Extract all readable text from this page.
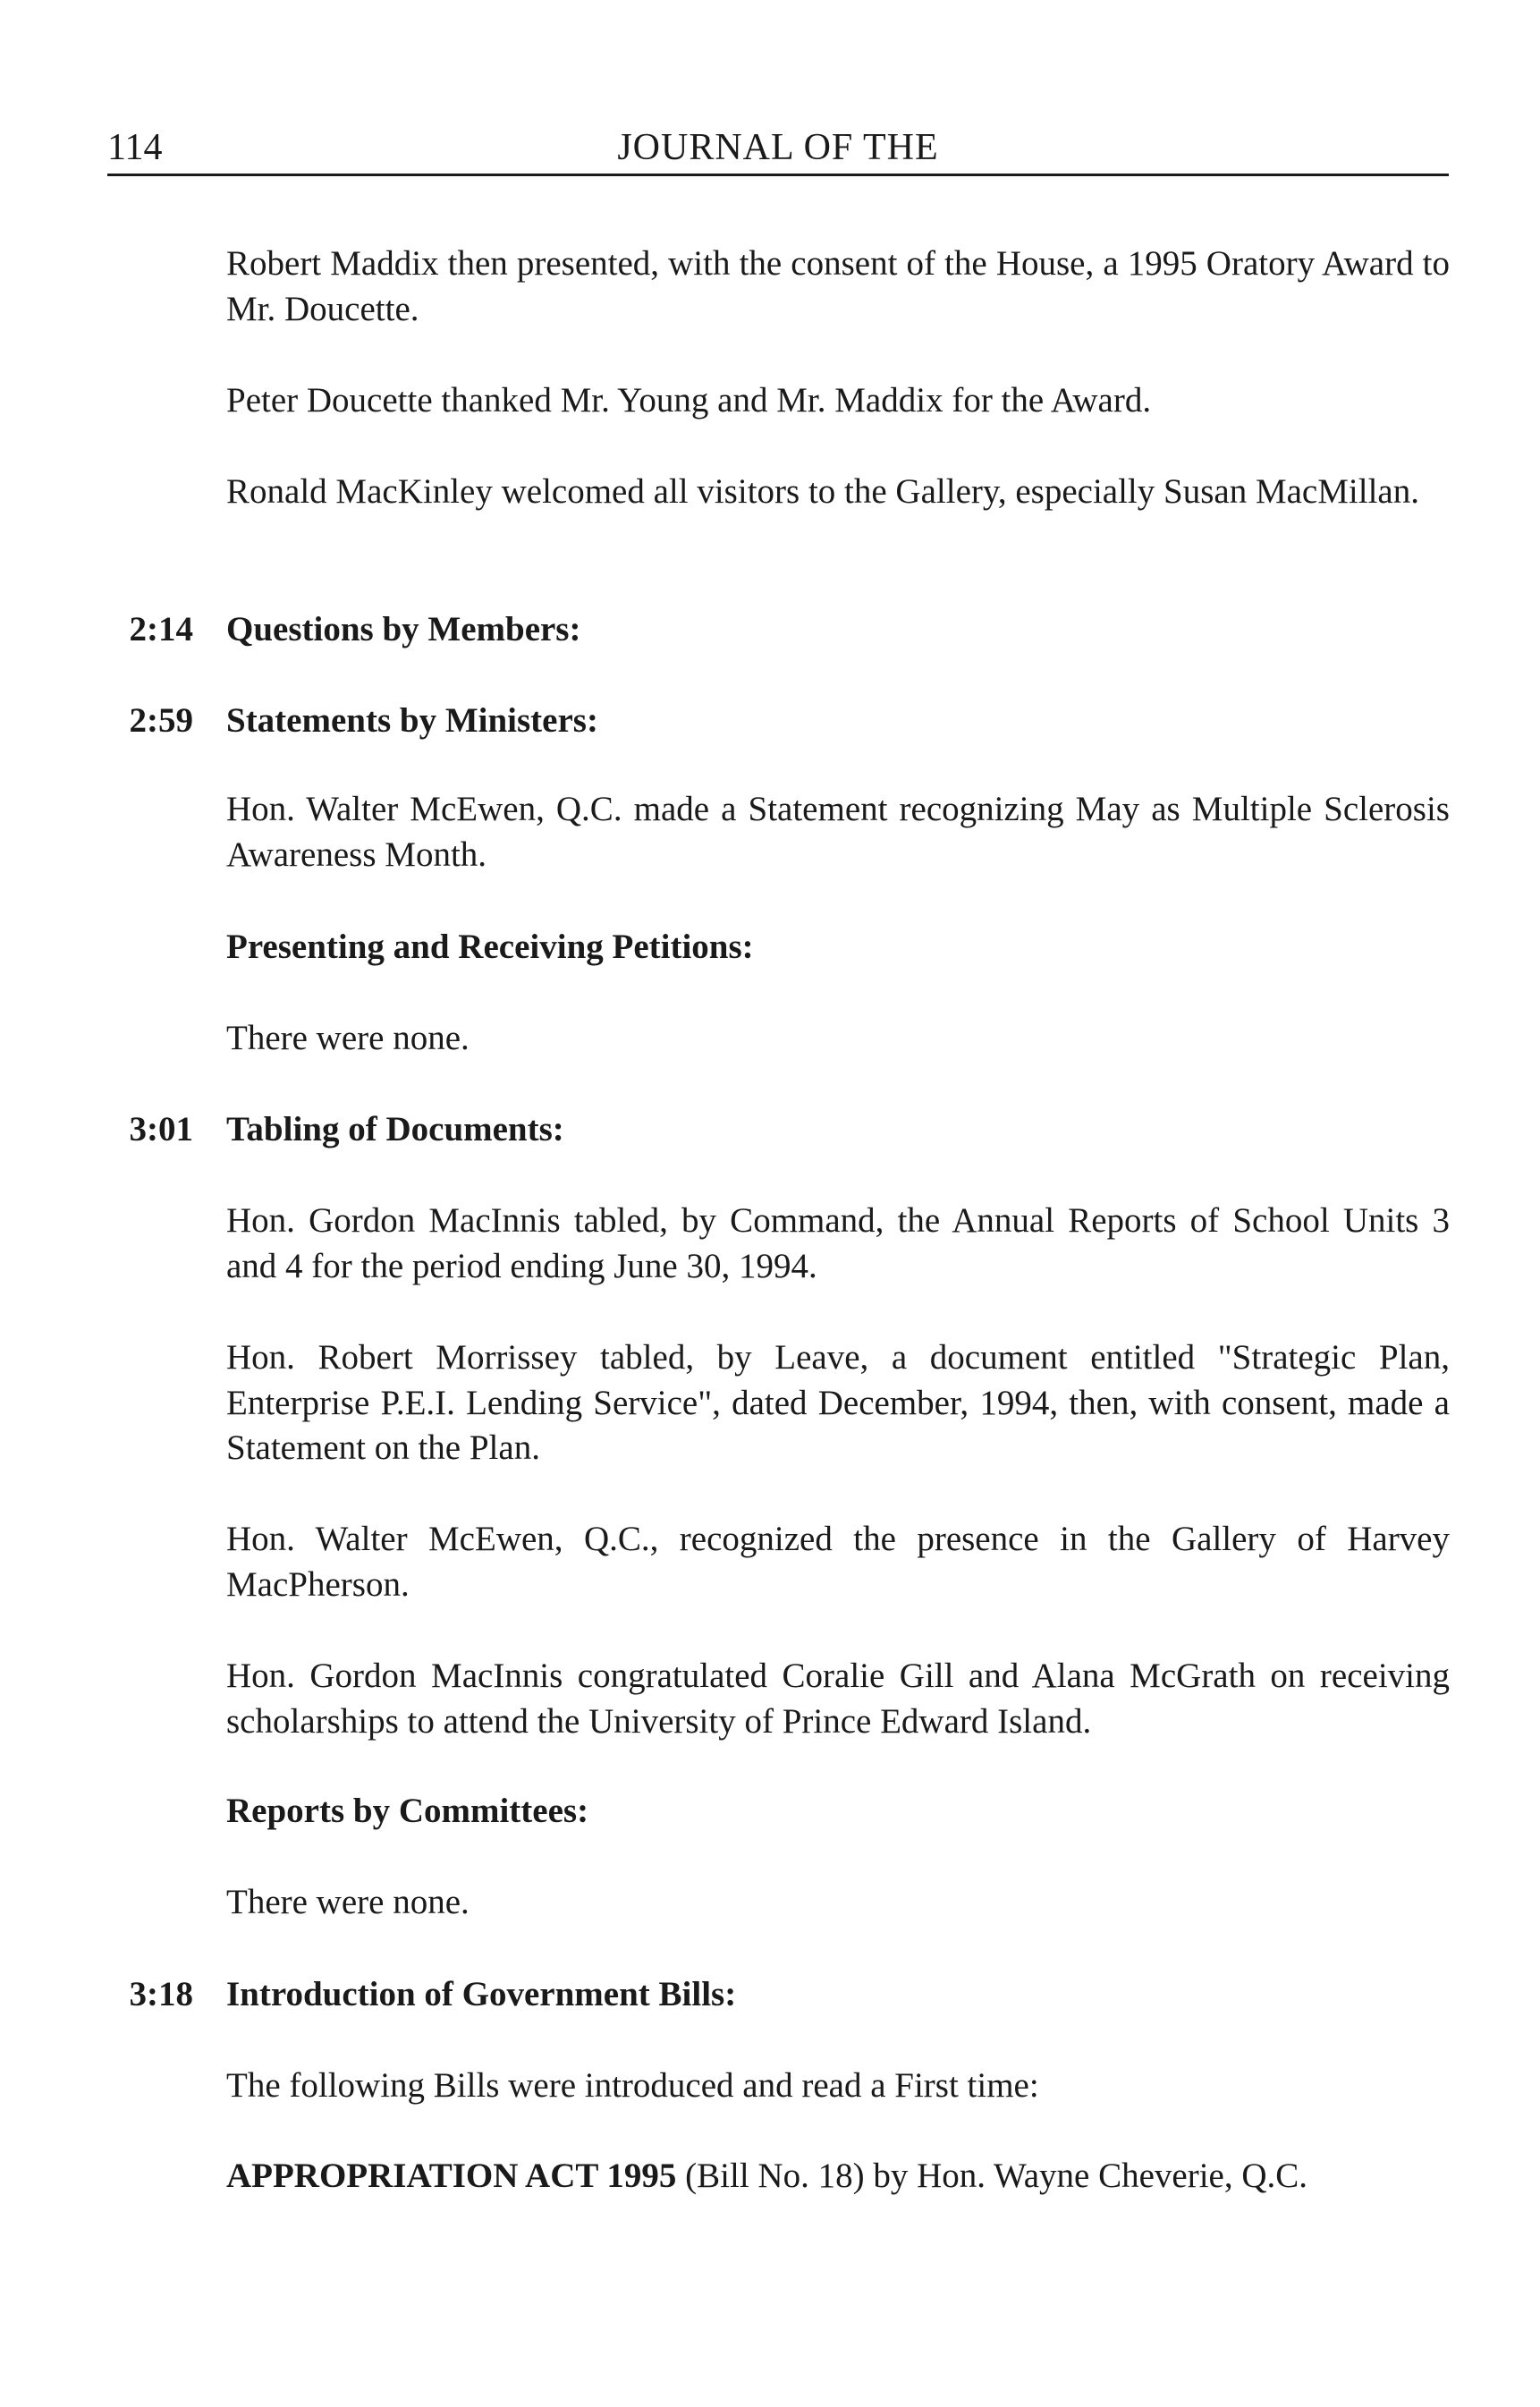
114	JOURNAL OF THE

Robert Maddix then presented, with the consent of the House, a 1995 Oratory Award to Mr. Doucette.

Peter Doucette thanked Mr. Young and Mr. Maddix for the Award.

Ronald MacKinley welcomed all visitors to the Gallery, especially Susan MacMillan.

2:14 Questions by Members:

2:59 Statements by Ministers:

Hon. Walter McEwen, Q.C. made a Statement recognizing May as Multiple Sclerosis Awareness Month.

Presenting and Receiving Petitions:

There were none.

3:01 Tabling of Documents:

Hon. Gordon MacInnis tabled, by Command, the Annual Reports of School Units 3 and 4 for the period ending June 30, 1994.

Hon. Robert Morrissey tabled, by Leave, a document entitled "Strategic Plan, Enterprise P.E.I. Lending Service", dated December, 1994, then, with consent, made a Statement on the Plan.

Hon. Walter McEwen, Q.C., recognized the presence in the Gallery of Harvey MacPherson.

Hon. Gordon MacInnis congratulated Coralie Gill and Alana McGrath on receiving scholarships to attend the University of Prince Edward Island.

Reports by Committees:

There were none.

3:18 Introduction of Government Bills:

The following Bills were introduced and read a First time:

APPROPRIATION ACT 1995 (Bill No. 18) by Hon. Wayne Cheverie, Q.C.
